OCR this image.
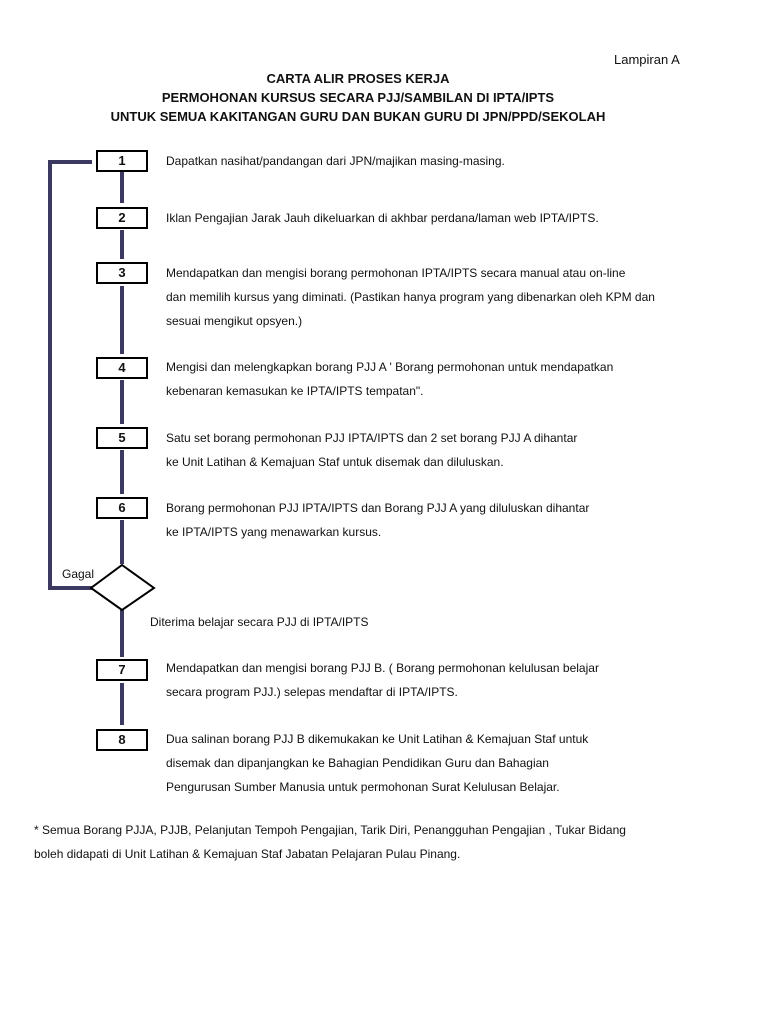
Lampiran A
CARTA ALIR PROSES KERJA
PERMOHONAN KURSUS SECARA PJJ/SAMBILAN DI IPTA/IPTS
UNTUK SEMUA KAKITANGAN GURU DAN BUKAN GURU DI JPN/PPD/SEKOLAH
1
2
3
4
5
6
7
8
Dapatkan nasihat/pandangan dari JPN/majikan masing-masing.
Iklan Pengajian Jarak Jauh dikeluarkan di akhbar perdana/laman web IPTA/IPTS.
Mendapatkan dan mengisi borang permohonan IPTA/IPTS secara manual atau on-line
dan memilih kursus yang diminati. (Pastikan hanya program yang dibenarkan oleh KPM dan
sesuai mengikut opsyen.)
Mengisi dan melengkapkan borang PJJ A ' Borang permohonan untuk mendapatkan
kebenaran kemasukan ke IPTA/IPTS tempatan".
Satu set borang permohonan PJJ IPTA/IPTS dan 2 set borang PJJ A dihantar
ke Unit Latihan & Kemajuan Staf untuk disemak dan diluluskan.
Borang permohonan PJJ IPTA/IPTS dan Borang PJJ A yang diluluskan dihantar
ke IPTA/IPTS yang menawarkan kursus.
Mendapatkan dan mengisi borang PJJ B. ( Borang permohonan kelulusan belajar
secara program PJJ.) selepas mendaftar di IPTA/IPTS.
Dua salinan borang PJJ B dikemukakan ke Unit Latihan & Kemajuan Staf untuk
disemak dan dipanjangkan ke Bahagian Pendidikan Guru dan Bahagian
Pengurusan Sumber Manusia untuk permohonan Surat Kelulusan Belajar.
Gagal
Diterima belajar secara PJJ di IPTA/IPTS
* Semua Borang PJJA, PJJB, Pelanjutan Tempoh Pengajian, Tarik Diri, Penangguhan Pengajian , Tukar Bidang
boleh didapati di Unit Latihan & Kemajuan Staf Jabatan Pelajaran Pulau Pinang.
